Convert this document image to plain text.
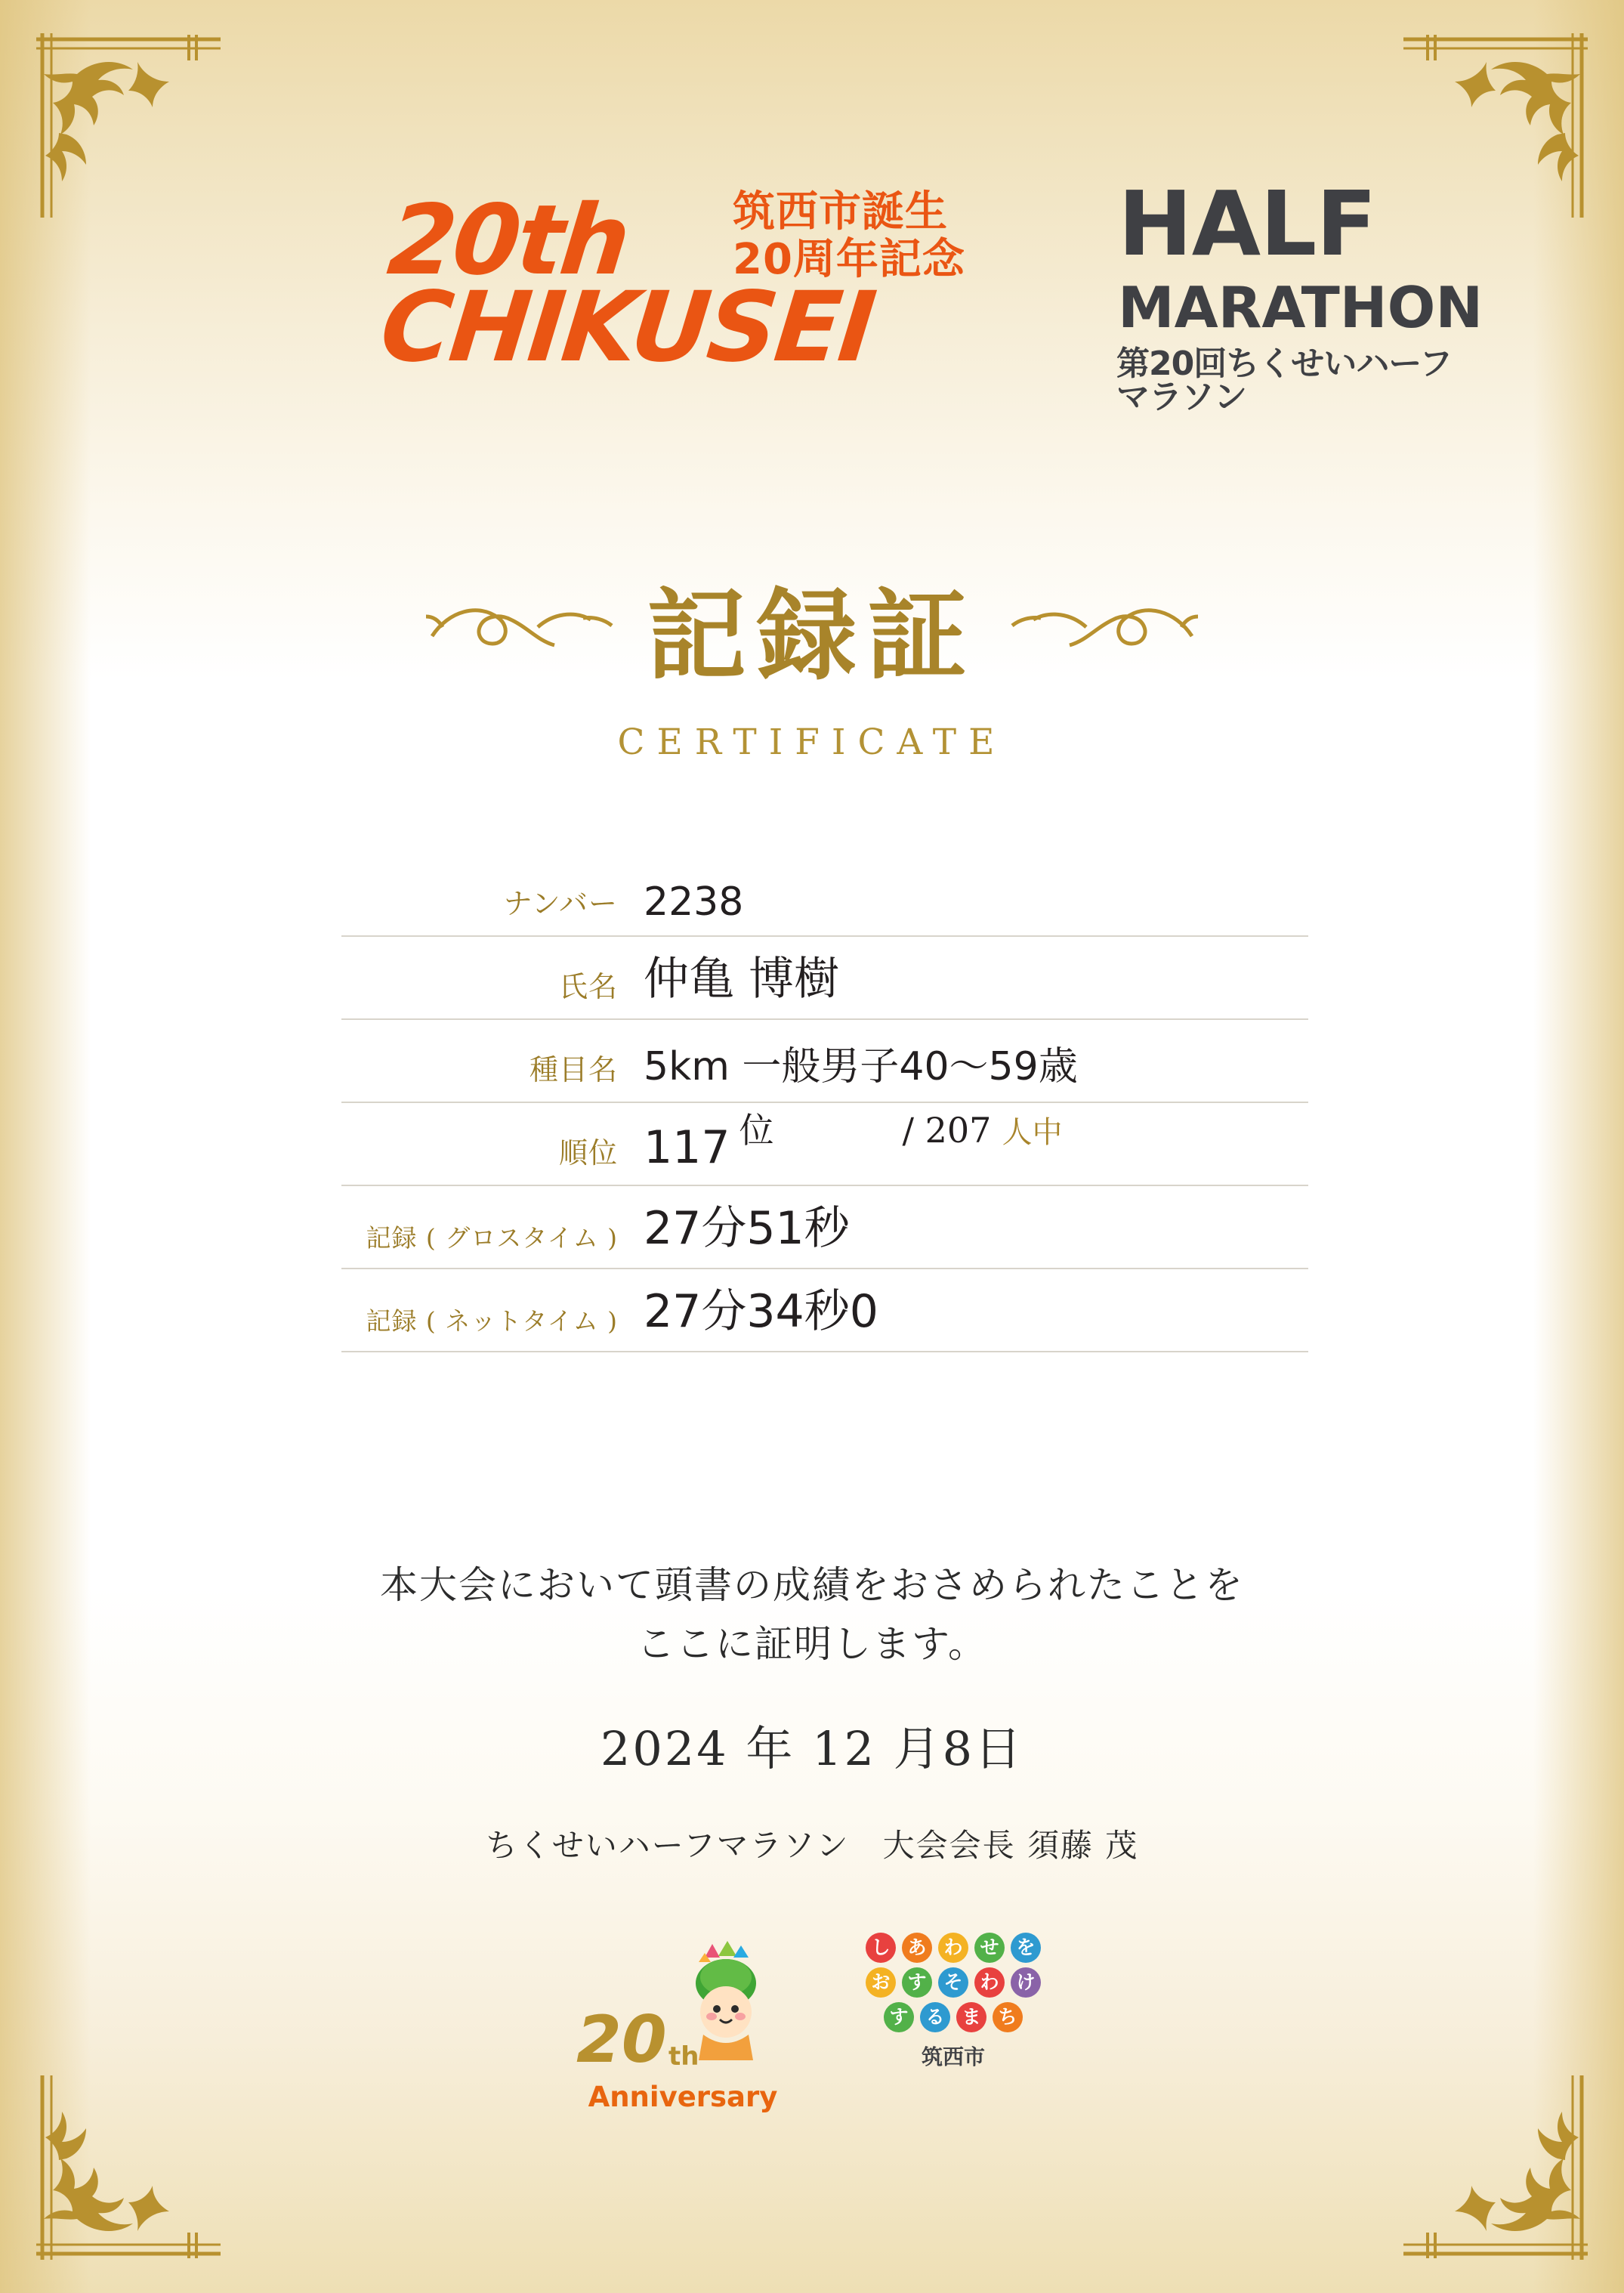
20th
CHIKUSEI
筑西市誕生
20周年記念 HALF
MARATHON
第20回ちくせいハーフマラソン
記録証
CERTIFICATE
ナンバー 2238
氏名 仲亀 博樹
種目名 5km 一般男子40〜59歳
順位 117 位	/ 207 人中
記録 ( グロスタイム ) 27分51秒
記録 ( ネットタイム ) 27分34秒0
本大会において頭書の成績をおさめられたことを
ここに証明します。
2024 年 12 月8日
ちくせいハーフマラソン　大会会長 須藤 茂
20 th
Anniversary

し あ わ せ を
お す そ わ け
す る ま ち
筑西市
